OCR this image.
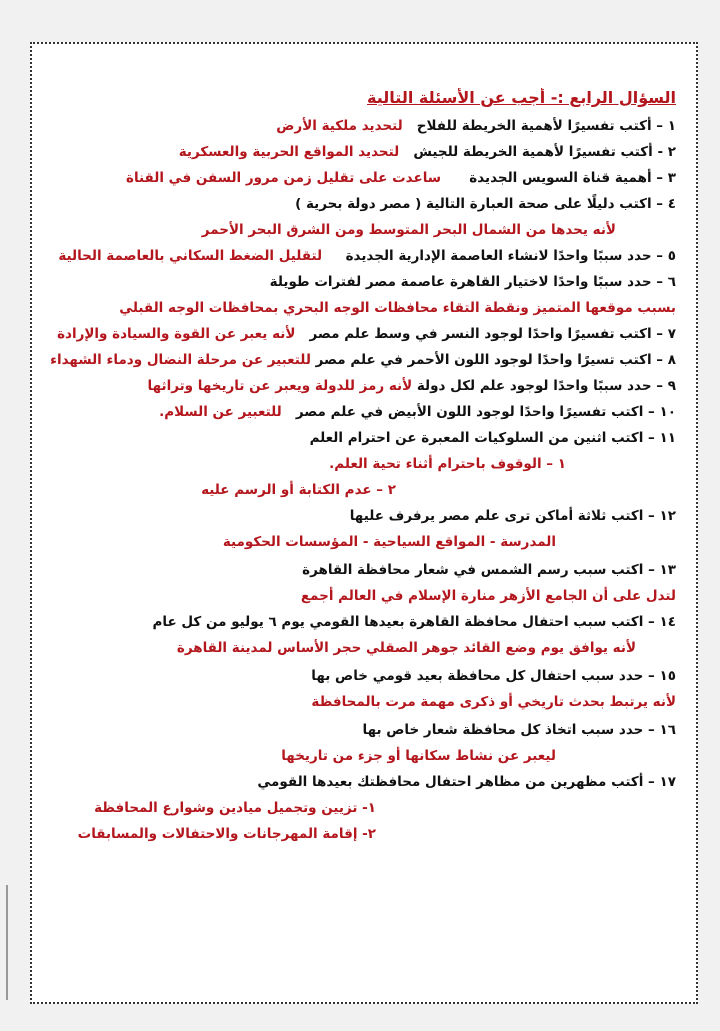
السؤال الرابع :- أجب عن الأسئلة التالية
١ – أكتب تفسيرًا لأهمية الخريطة للفلاح   لتحديد ملكية الأرض
٢ - أكتب تفسيرًا لأهمية الخريطة للجيش   لتحديد المواقع الحربية والعسكرية
٣ – أهمية قناة السويس الجديدة      ساعدت على تقليل زمن مرور السفن في القناة
٤ – اكتب دليلًا على صحة العبارة التالية ( مصر دولة بحرية )
لأنه يحدها من الشمال البحر المتوسط ومن الشرق البحر الأحمر
٥ – حدد سببًا واحدًا لانشاء العاصمة الإدارية الجديدة     لتقليل الضغط السكاني بالعاصمة الحالية
٦ – حدد سببًا واحدًا لاختيار القاهرة عاصمة مصر لفترات طويلة
بسبب موقعها المتميز ونقطة التقاء محافظات الوجه البحري بمحافظات الوجه القبلي
٧ – اكتب تفسيرًا واحدًا لوجود النسر في وسط علم مصر   لأنه يعبر عن القوة والسيادة والإرادة
٨ – اكتب تسيرًا واحدًا لوجود اللون الأحمر في علم مصر للتعبير عن مرحلة النضال ودماء الشهداء
٩ – حدد سببًا واحدًا لوجود علم لكل دولة لأنه رمز للدولة ويعبر عن تاريخها وتراثها
١٠ – اكتب تفسيرًا واحدًا لوجود اللون الأبيض في علم مصر   للتعبير عن السلام.
١١ – اكتب اثنين من السلوكيات المعبرة عن احترام العلم
١ – الوقوف باحترام أثناء تحية العلم.
٢ – عدم الكتابة أو الرسم عليه
١٢ – اكتب ثلاثة أماكن ترى علم مصر يرفرف عليها
المدرسة - المواقع السياحية - المؤسسات الحكومية
١٣ – اكتب سبب رسم الشمس في شعار محافظة القاهرة
لتدل على أن الجامع الأزهر منارة الإسلام في العالم أجمع
١٤ – اكتب سبب احتفال محافظة القاهرة بعيدها القومي يوم ٦ يوليو من كل عام
لأنه يوافق يوم وضع القائد جوهر الصقلي حجر الأساس لمدينة القاهرة
١٥ – حدد سبب احتفال كل محافظة بعيد قومي خاص بها
لأنه يرتبط بحدث تاريخي أو ذكرى مهمة مرت بالمحافظة
١٦ – حدد سبب اتخاذ كل محافظة شعار خاص بها
ليعبر عن نشاط سكانها أو جزء من تاريخها
١٧ – أكتب مظهرين من مظاهر احتفال محافظتك بعيدها القومي
١- تزيين وتجميل ميادين وشوارع المحافظة
٢- إقامة المهرجانات والاحتفالات والمسابقات
